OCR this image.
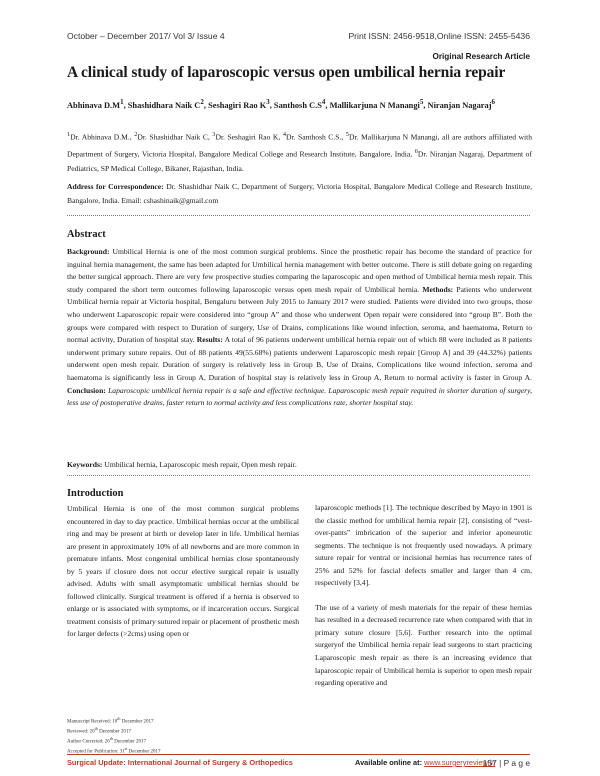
October – December 2017/ Vol 3/ Issue 4	Print ISSN: 2456-9518,Online ISSN: 2455-5436
Original Research Article
A clinical study of laparoscopic versus open umbilical hernia repair
Abhinava $D.M^1$, Shashidhara Naik $C^2$, Seshagiri Rao $K^3$, Santhosh $C.S^4$, Mallikarjuna N Manangi$^5$, Niranjan Nagaraj$^6$
$^1$Dr. Abhinava D.M., $^2$Dr. Shashidhar Naik C, $^3$Dr. Seshagiri Rao K, $^4$Dr. Santhosh C.S., $^5$Dr. Mallikarjuna N Manangi, all are authors affiliated with Department of Surgery, Victoria Hospital, Bangalore Medical College and Research Institute, Bangalore, India, $^6$Dr. Niranjan Nagaraj, Department of Pediatrics, SP Medical College, Bikaner, Rajasthan, India.
Address for Correspondence: Dr. Shashidhar Naik C, Department of Surgery, Victoria Hospital, Bangalore Medical College and Research Institute, Bangalore, India. Email: cshashinaik@gmail.com
Abstract
Background: Umbilical Hernia is one of the most common surgical problems. Since the prosthetic repair has become the standard of practice for inguinal hernia management, the same has been adapted for Umbilical hernia management with better outcome. There is still debate going on regarding the better surgical approach. There are very few prospective studies comparing the laparoscopic and open method of Umbilical hernia mesh repair. This study compared the short term outcomes following laparoscopic versus open mesh repair of Umbilical hernia. Methods: Patients who underwent Umbilical hernia repair at Victoria hospital, Bengaluru between July 2015 to January 2017 were studied. Patients were divided into two groups, those who underwent Laparoscopic repair were considered into “group A” and those who underwent Open repair were considered into “group B”. Both the groups were compared with respect to Duration of surgery, Use of Drains, complications like wound infection, seroma, and haematoma, Return to normal activity, Duration of hospital stay. Results: A total of 96 patients underwent umbilical hernia repair out of which 88 were included as 8 patients underwent primary suture repairs. Out of 88 patients 49(55.68%) patients underwent Laparoscopic mesh repair [Group A] and 39 (44.32%) patients underwent open mesh repair. Duration of surgery is relatively less in Group B, Use of Drains, Complications like wound infection, seroma and haematoma is significantly less in Group A, Duration of hospital stay is relatively less in Group A, Return to normal activity is faster in Group A. Conclusion: Laparoscopic umbilical hernia repair is a safe and effective technique. Laparoscopic mesh repair required in shorter duration of surgery, less use of postoperative drains, faster return to normal activity and less complications rate, shorter hospital stay.
Keywords: Umbilical hernia, Laparoscopic mesh repair, Open mesh repair.
Introduction

Umbilical Hernia is one of the most common surgical problems encountered in day to day practice. Umbilical hernias occur at the umbilical ring and may be present at birth or develop later in life. Umbilical hernias are present in approximately 10% of all newborns and are more common in premature infants. Most congenital umbilical hernias close spontaneously by 5 years if closure does not occur elective surgical repair is usually advised. Adults with small asymptomatic umbilical hernias should be followed clinically. Surgical treatment is offered if a hernia is observed to enlarge or is associated with symptoms, or if incarceration occurs. Surgical treatment consists of primary sutured repair or placement of prosthetic mesh for larger defects (>2cms) using open or

laparoscopic methods [1]. The technique described by Mayo in 1901 is the classic method for umbilical hernia repair [2], consisting of “vest-over-pants” imbrication of the superior and inferior aponeurotic segments. The technique is not frequently used nowadays. A primary suture repair for ventral or incisional hernias has recurrence rates of 25% and 52% for fascial defects smaller and larger than 4 cm, respectively [3,4].

The use of a variety of mesh materials for the repair of these hernias has resulted in a decreased recurrence rate when compared with that in primary suture closure [5,6]. Further research into the optimal surgeryof the Umbilical hernia repair lead surgeons to start practicing Laparoscopic mesh repair as there is an increasing evidence that laparoscopic repair of Umbilical hernia is superior to open mesh repair regarding operative and

Manuscript Received: 10th December 2017
Reviewed: 20th December 2017
Author Corrected: 26th December 2017
Accepted for Publication: 31st December 2017
Surgical Update: International Journal of Surgery & Orthopedics	Available online at: www.surgeryreview.in
157 | P a g e
